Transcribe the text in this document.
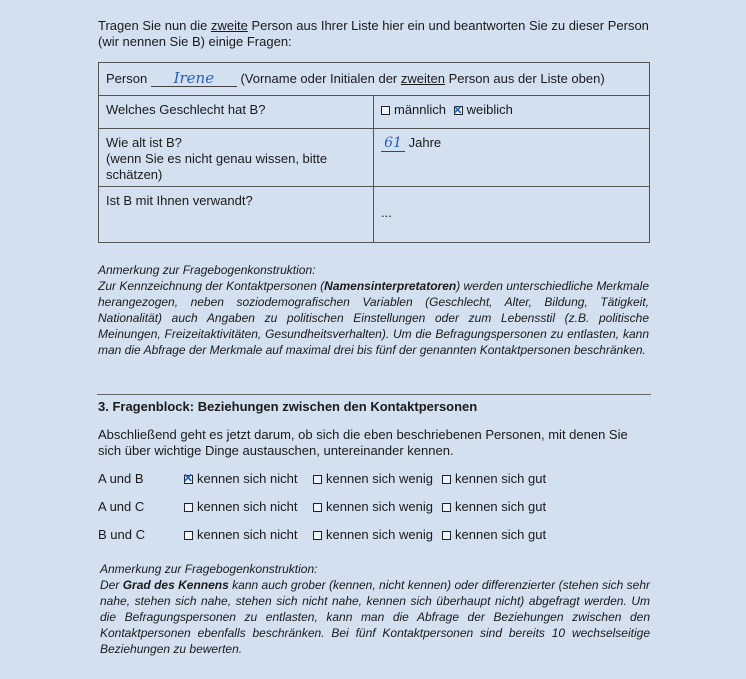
Tragen Sie nun die zweite Person aus Ihrer Liste hier ein und beantworten Sie zu dieser Person (wir nennen Sie B) einige Fragen:
Person Irene (Vorname oder Initialen der zweiten Person aus der Liste oben)	
Welches Geschlecht hat B?	männlich ✕ weiblich

Wie alt ist B?
(wenn Sie es nicht genau wissen, bitte schätzen)	61 Jahre
Ist B mit Ihnen verwandt?	...
Anmerkung zur Fragebogenkonstruktion:
Zur Kennzeichnung der Kontaktpersonen (Namensinterpretatoren) werden unterschiedliche Merkmale herangezogen, neben soziodemografischen Variablen (Geschlecht, Alter, Bildung, Tätigkeit, Nationalität) auch Angaben zu politischen Einstellungen oder zum Lebensstil (z.B. politische Meinungen, Freizeitaktivitäten, Gesundheitsverhalten). Um die Befragungspersonen zu entlasten, kann man die Abfrage der Merkmale auf maximal drei bis fünf der genannten Kontaktpersonen beschränken.
3. Fragenblock: Beziehungen zwischen den Kontaktpersonen
Abschließend geht es jetzt darum, ob sich die eben beschriebenen Personen, mit denen Sie sich über wichtige Dinge austauschen, untereinander kennen.
A und B ✕	kennen sich nicht	kennen sich wenig	kennen sich gut
A und C	kennen sich nicht	kennen sich wenig	kennen sich gut
B und C	kennen sich nicht	kennen sich wenig	kennen sich gut
Anmerkung zur Fragebogenkonstruktion:
Der Grad des Kennens kann auch grober (kennen, nicht kennen) oder differenzierter (stehen sich sehr nahe, stehen sich nahe, stehen sich nicht nahe, kennen sich überhaupt nicht) abgefragt werden. Um die Befragungspersonen zu entlasten, kann man die Abfrage der Beziehungen zwischen den Kontaktpersonen ebenfalls beschränken. Bei fünf Kontaktpersonen sind bereits 10 wechselseitige Beziehungen zu bewerten.
